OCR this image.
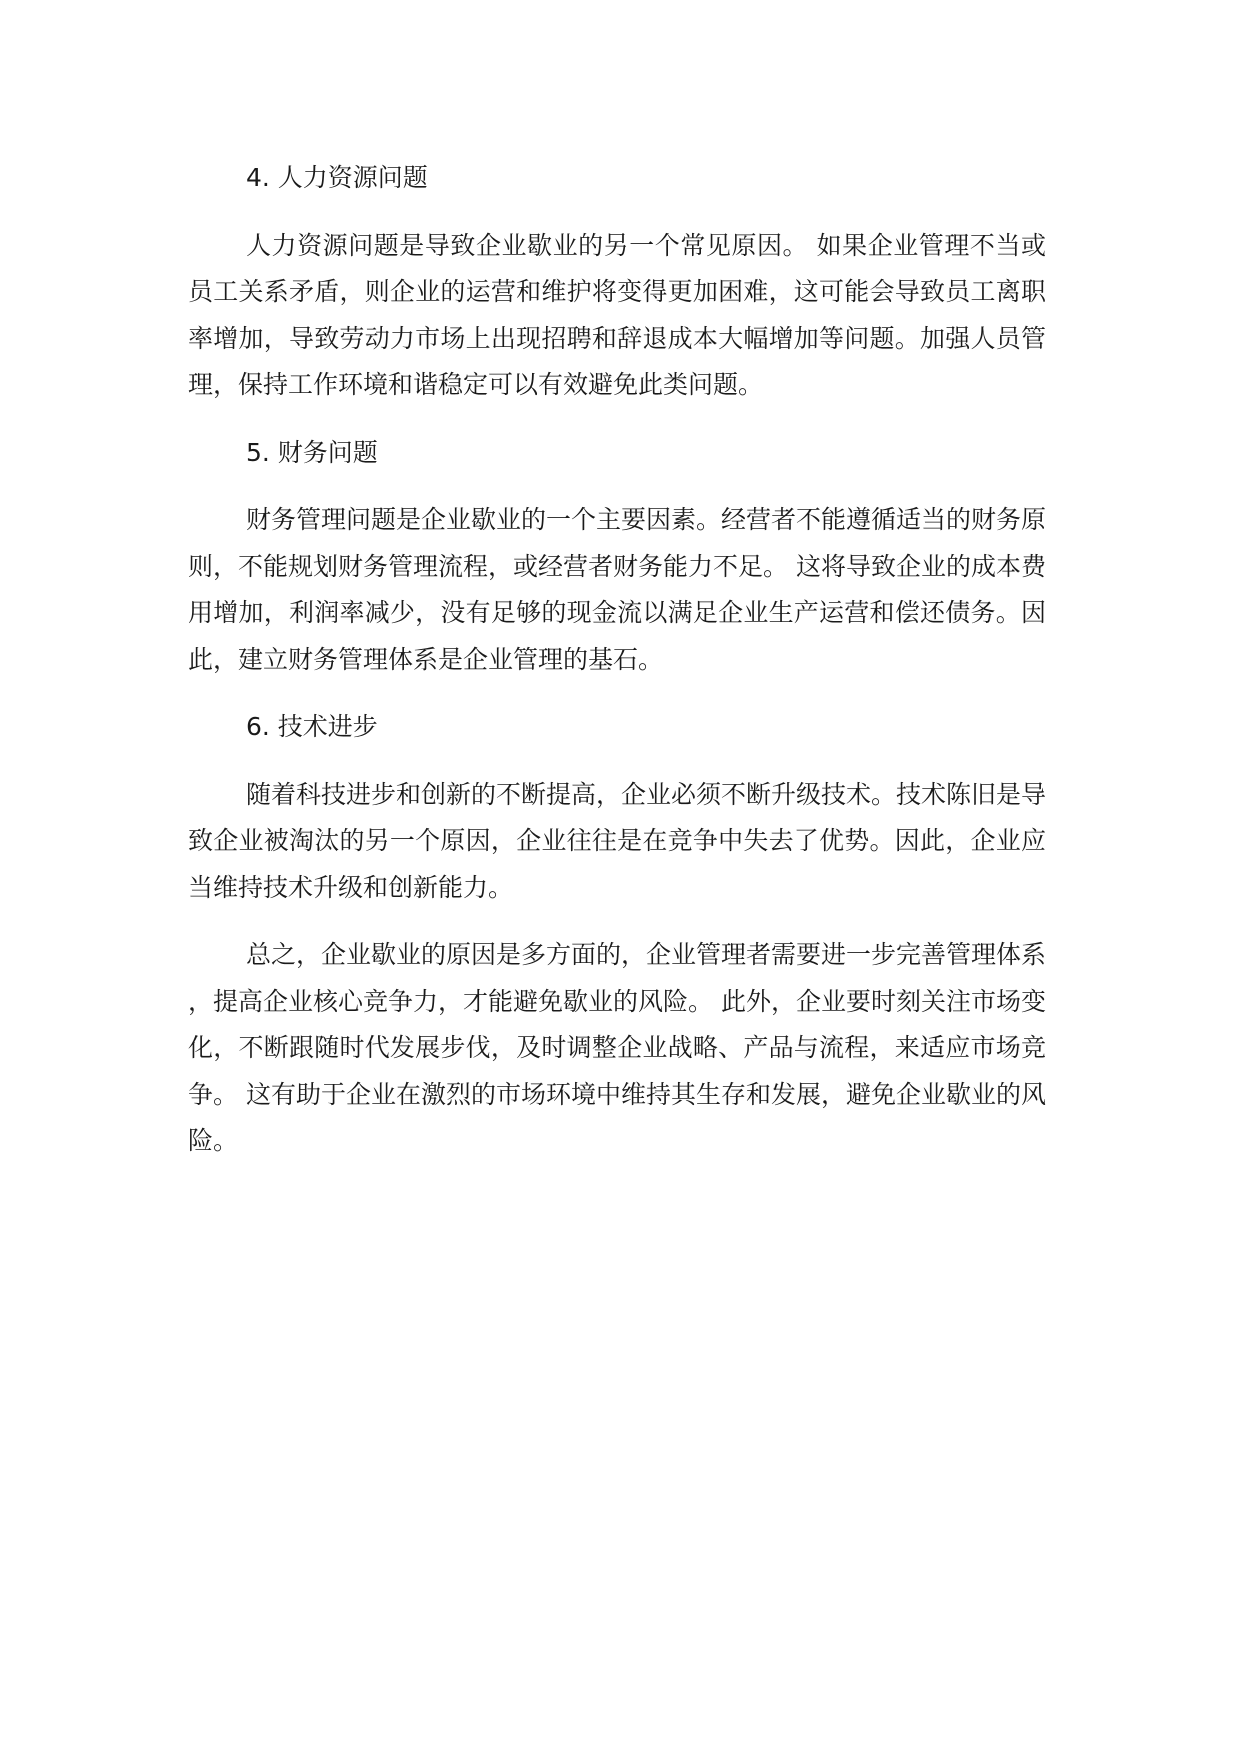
4. 人力资源问题

人力资源问题是导致企业歇业的另一个常见原因。 如果企业管理不当或员工关系矛盾，则企业的运营和维护将变得更加困难，这可能会导致员工离职率增加，导致劳动力市场上出现招聘和辞退成本大幅增加等问题。加强人员管理，保持工作环境和谐稳定可以有效避免此类问题。

5. 财务问题

财务管理问题是企业歇业的一个主要因素。经营者不能遵循适当的财务原则，不能规划财务管理流程，或经营者财务能力不足。 这将导致企业的成本费用增加，利润率减少，没有足够的现金流以满足企业生产运营和偿还债务。因此，建立财务管理体系是企业管理的基石。

6. 技术进步

随着科技进步和创新的不断提高，企业必须不断升级技术。技术陈旧是导致企业被淘汰的另一个原因，企业往往是在竞争中失去了优势。因此，企业应当维持技术升级和创新能力。

总之，企业歇业的原因是多方面的，企业管理者需要进一步完善管理体系，提高企业核心竞争力，才能避免歇业的风险。 此外，企业要时刻关注市场变化，不断跟随时代发展步伐，及时调整企业战略、产品与流程，来适应市场竞争。 这有助于企业在激烈的市场环境中维持其生存和发展，避免企业歇业的风险。
